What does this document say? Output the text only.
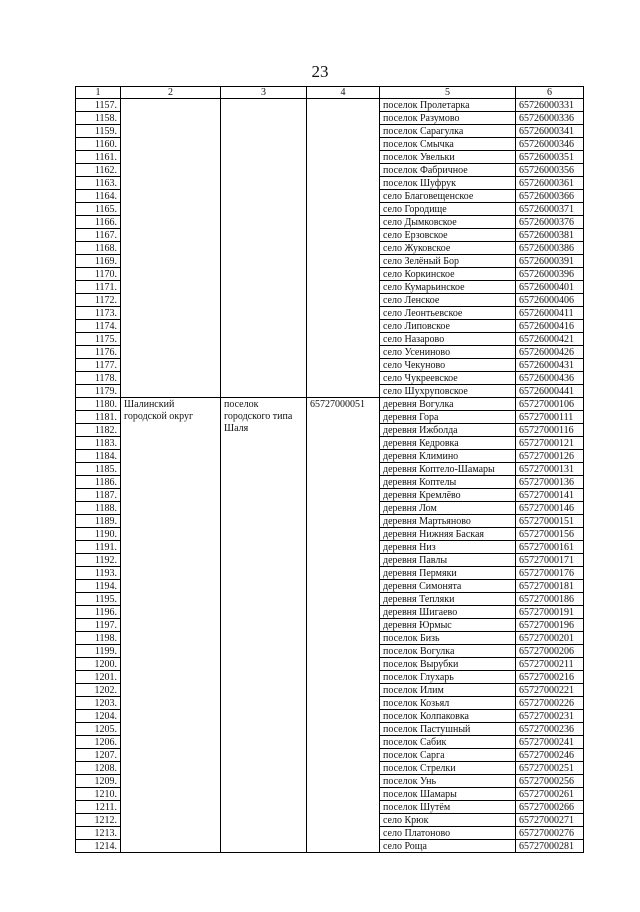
23
1	2	3	4	5	6
1157.				поселок Пролетарка	65726000331
1158.				поселок Разумово	65726000336
1159.				поселок Сарагулка	65726000341
1160.				поселок Смычка	65726000346
1161.				поселок Увельки	65726000351
1162.				поселок Фабричное	65726000356
1163.				поселок Шуфрук	65726000361
1164.				село Благовещенское	65726000366
1165.				село Городище	65726000371
1166.				село Дымковское	65726000376
1167.				село Ерзовское	65726000381
1168.				село Жуковское	65726000386
1169.				село Зелёный Бор	65726000391
1170.				село Коркинское	65726000396
1171.				село Кумарьинское	65726000401
1172.				село Ленское	65726000406
1173.				село Леонтьевское	65726000411
1174.				село Липовское	65726000416
1175.				село Назарово	65726000421
1176.				село Усениново	65726000426
1177.				село Чекуново	65726000431
1178.				село Чукреевское	65726000436
1179.				село Шухруповское	65726000441
1180.	Шалинский городской округ	поселок городского типа Шаля	65727000051	деревня Вогулка	65727000106
1181.				деревня Гора	65727000111
1182.				деревня Ижболда	65727000116
1183.				деревня Кедровка	65727000121
1184.				деревня Климино	65727000126
1185.				деревня Коптело-Шамары	65727000131
1186.				деревня Коптелы	65727000136
1187.				деревня Кремлёво	65727000141
1188.				деревня Лом	65727000146
1189.				деревня Мартьяново	65727000151
1190.				деревня Нижняя Баская	65727000156
1191.				деревня Низ	65727000161
1192.				деревня Павлы	65727000171
1193.				деревня Пермяки	65727000176
1194.				деревня Симонята	65727000181
1195.				деревня Тепляки	65727000186
1196.				деревня Шигаево	65727000191
1197.				деревня Юрмыс	65727000196
1198.				поселок Бизь	65727000201
1199.				поселок Вогулка	65727000206
1200.				поселок Вырубки	65727000211
1201.				поселок Глухарь	65727000216
1202.				поселок Илим	65727000221
1203.				поселок Козьял	65727000226
1204.				поселок Колпаковка	65727000231
1205.				поселок Пастушный	65727000236
1206.				поселок Сабик	65727000241
1207.				поселок Сарга	65727000246
1208.				поселок Стрелки	65727000251
1209.				поселок Унь	65727000256
1210.				поселок Шамары	65727000261
1211.				поселок Шутём	65727000266
1212.				село Крюк	65727000271
1213.				село Платоново	65727000276
1214.				село Роща	65727000281
